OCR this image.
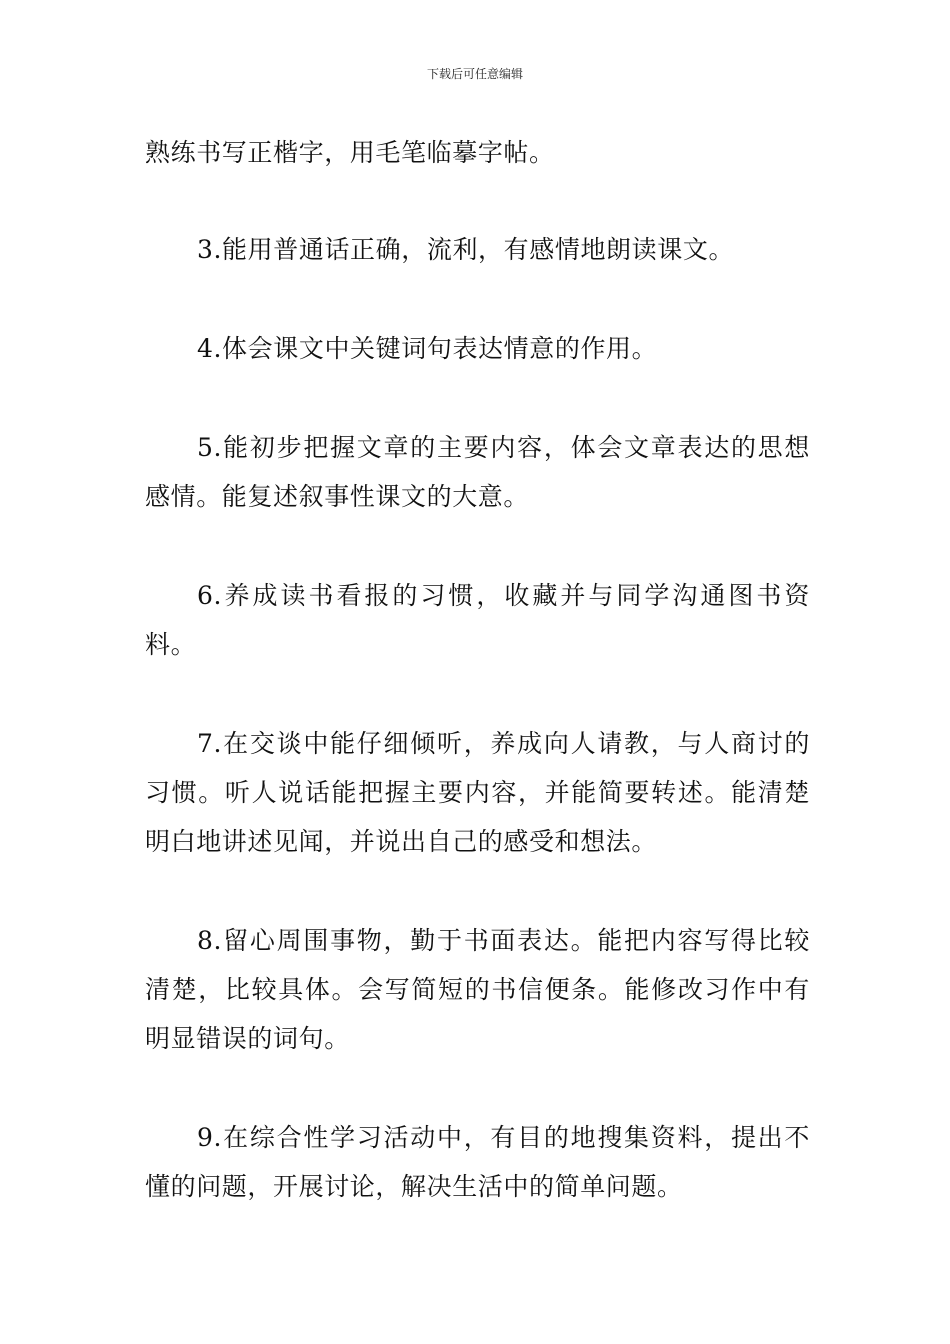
下载后可任意编辑

熟练书写正楷字，用毛笔临摹字帖。

3.能用普通话正确，流利，有感情地朗读课文。

4.体会课文中关键词句表达情意的作用。

5.能初步把握文章的主要内容，体会文章表达的思想感情。能复述叙事性课文的大意。

6.养成读书看报的习惯，收藏并与同学沟通图书资料。

7.在交谈中能仔细倾听，养成向人请教，与人商讨的习惯。听人说话能把握主要内容，并能简要转述。能清楚明白地讲述见闻，并说出自己的感受和想法。

8.留心周围事物，勤于书面表达。能把内容写得比较清楚，比较具体。会写简短的书信便条。能修改习作中有明显错误的词句。

9.在综合性学习活动中，有目的地搜集资料，提出不懂的问题，开展讨论，解决生活中的简单问题。
